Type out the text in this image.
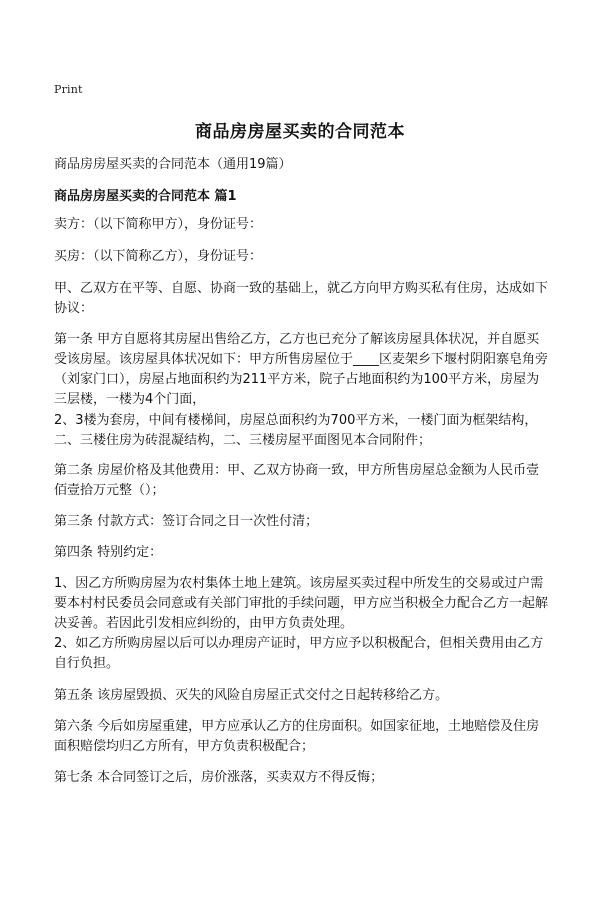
Print
商品房房屋买卖的合同范本
商品房房屋买卖的合同范本（通用19篇）
商品房房屋买卖的合同范本 篇1

卖方：（以下简称甲方），身份证号：

买房：（以下简称乙方），身份证号：

甲、乙双方在平等、自愿、协商一致的基础上，就乙方向甲方购买私有住房，达成如下协议：

第一条 甲方自愿将其房屋出售给乙方，乙方也已充分了解该房屋具体状况，并自愿买受该房屋。该房屋具体状况如下：甲方所售房屋位于____区麦架乡下堰村阴阳寨皂角旁（刘家门口），房屋占地面积约为211平方米，院子占地面积约为100平方米，房屋为三层楼，一楼为4个门面，

2、3楼为套房，中间有楼梯间，房屋总面积约为700平方米，一楼门面为框架结构，二、三楼住房为砖混凝结构，二、三楼房屋平面图见本合同附件；

第二条 房屋价格及其他费用：甲、乙双方协商一致，甲方所售房屋总金额为人民币壹佰壹拾万元整（）；

第三条 付款方式：签订合同之日一次性付清；

第四条 特别约定：

1、因乙方所购房屋为农村集体土地上建筑。该房屋买卖过程中所发生的交易或过户需要本村村民委员会同意或有关部门审批的手续问题，甲方应当积极全力配合乙方一起解决妥善。若因此引发相应纠纷的，由甲方负责处理。

2、如乙方所购房屋以后可以办理房产证时，甲方应予以积极配合，但相关费用由乙方自行负担。

第五条 该房屋毁损、灭失的风险自房屋正式交付之日起转移给乙方。

第六条 今后如房屋重建，甲方应承认乙方的住房面积。如国家征地，土地赔偿及住房面积赔偿均归乙方所有，甲方负责积极配合；

第七条 本合同签订之后，房价涨落，买卖双方不得反悔；
